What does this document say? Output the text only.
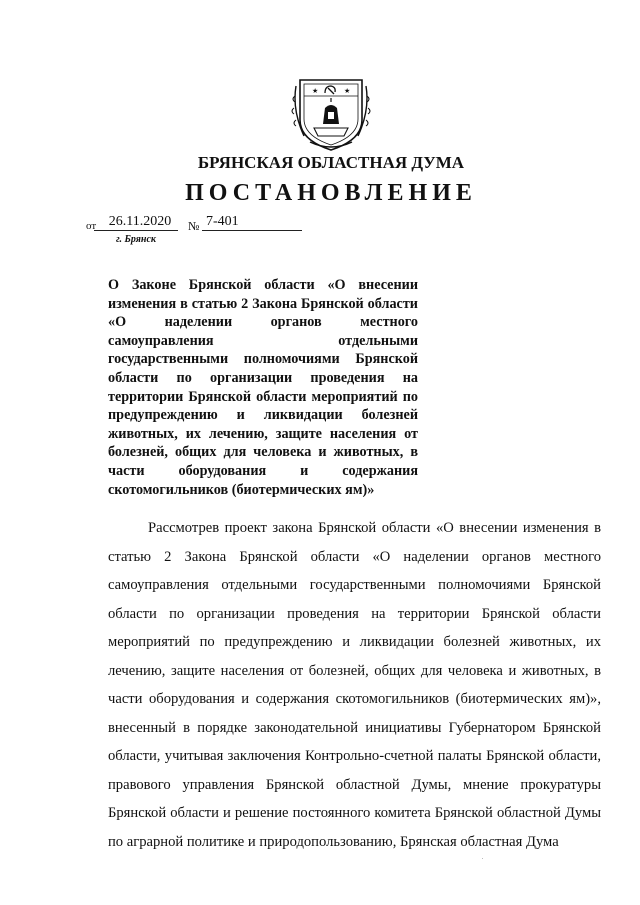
★	★
БРЯНСКАЯ ОБЛАСТНАЯ ДУМА
ПОСТАНОВЛЕНИЕ
от 26.11.2020	№ 7-401
г. Брянск
О Законе Брянской области «О внесении изменения в статью 2 Закона Брянской области «О наделении органов местного самоуправления отдельными государственными полномочиями Брянской области по организации проведения на территории Брянской области мероприятий по предупреждению и ликвидации болезней животных, их лечению, защите населения от болезней, общих для человека и животных, в части оборудования и содержания скотомогильников (биотермических ям)»
Рассмотрев проект закона Брянской области «О внесении изменения в статью 2 Закона Брянской области «О наделении органов местного самоуправления отдельными государственными полномочиями Брянской области по организации проведения на территории Брянской области мероприятий по предупреждению и ликвидации болезней животных, их лечению, защите населения от болезней, общих для человека и животных, в части оборудования и содержания скотомогильников (биотермических ям)», внесенный в порядке законодательной инициативы Губернатором Брянской области, учитывая заключения Контрольно-счетной палаты Брянской области, правового управления Брянской областной Думы, мнение прокуратуры Брянской области и решение постоянного комитета Брянской областной Думы по аграрной политике и природопользованию, Брянская областная Дума
